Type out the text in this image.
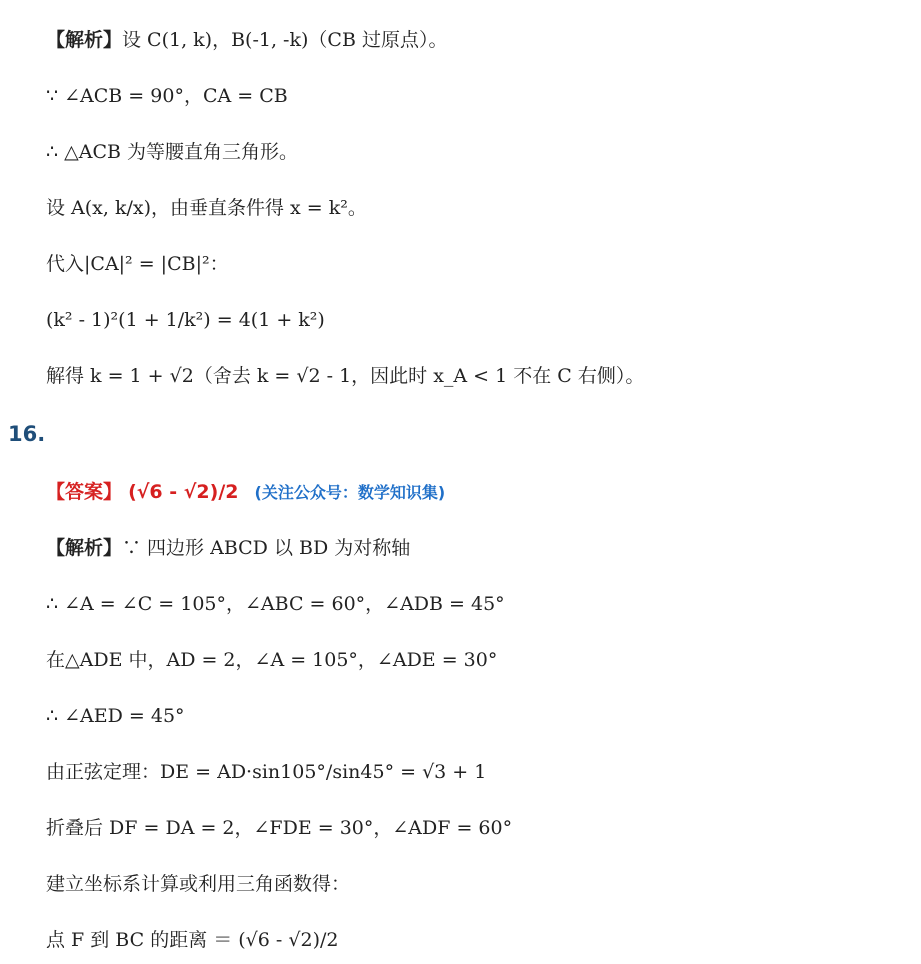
【解析】设 C(1, k)，B(-1, -k)（CB 过原点）。
∵ ∠ACB = 90°，CA = CB
∴ △ACB 为等腰直角三角形。
设 A(x, k/x)，由垂直条件得 x = k²。
代入|CA|² = |CB|²：
(k² - 1)²(1 + 1/k²) = 4(1 + k²)
解得 k = 1 + √2（舍去 k = √2 - 1，因此时 x_A < 1 不在 C 右侧）。
16.
【答案】 (√6 - √2)/2 (关注公众号：数学知识集)
【解析】∵ 四边形 ABCD 以 BD 为对称轴
∴ ∠A = ∠C = 105°，∠ABC = 60°，∠ADB = 45°
在△ADE 中，AD = 2，∠A = 105°，∠ADE = 30°
∴ ∠AED = 45°
由正弦定理：DE = AD·sin105°/sin45° = √3 + 1
折叠后 DF = DA = 2，∠FDE = 30°，∠ADF = 60°
建立坐标系计算或利用三角函数得：
点 F 到 BC 的距离 ＝ (√6 - √2)/2
